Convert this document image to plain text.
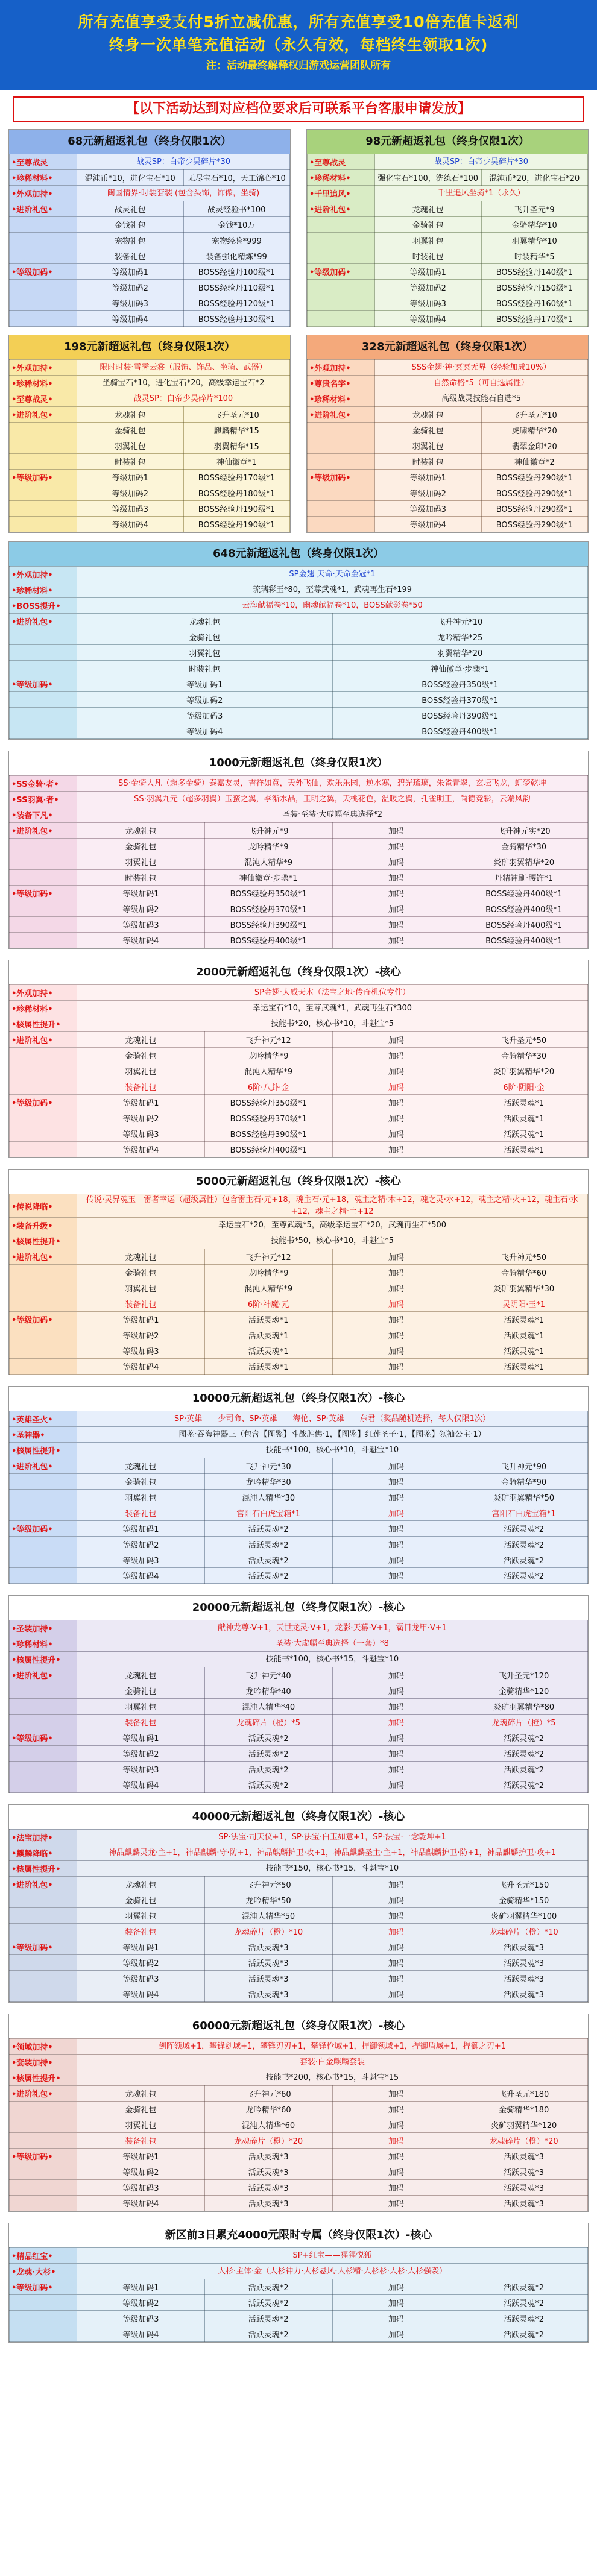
所有充值享受支付5折立减优惠，所有充值享受10倍充值卡返利
终身一次单笔充值活动（永久有效，每档终生领取1次)
注：活动最终解释权归游戏运营团队所有
【以下活动达到对应档位要求后可联系平台客服申请发放】
68元新超返礼包（终身仅限1次）
•至尊战灵	战灵SP：白帝少昊碎片*30	
•珍稀材料•	混沌币*10，进化宝石*10	无尽宝石*10，天工锦心*10
•外观加持•	闽国情界·时装套装 (包含头饰，饰像，坐骑)	
•进阶礼包•	战灵礼包	战灵经验书*100
	金钱礼包	金钱*10万
	宠物礼包	宠物经验*999
	装备礼包	装备强化精炼*99
•等级加码•	等级加码1	BOSS经验丹100级*1
	等级加码2	BOSS经验丹110级*1
	等级加码3	BOSS经验丹120级*1
	等级加码4	BOSS经验丹130级*1
98元新超返礼包（终身仅限1次）
•至尊战灵	战灵SP：白帝少昊碎片*30	
•珍稀材料•	强化宝石*100，洗练石*100	混沌币*20，进化宝石*20
•千里追风•	千里追风坐骑*1（永久）	
•进阶礼包•	龙魂礼包	飞升圣元*9
	金骑礼包	金骑精华*10
	羽翼礼包	羽翼精华*10
	时装礼包	时装精华*5
•等级加码•	等级加码1	BOSS经验丹140级*1
	等级加码2	BOSS经验丹150级*1
	等级加码3	BOSS经验丹160级*1
	等级加码4	BOSS经验丹170级*1
198元新超返礼包（终身仅限1次）
•外观加持•	限时时装·雪霁云裳（服饰、饰品、坐骑、武器）	
•珍稀材料•	坐骑宝石*10，进化宝石*20，高级幸运宝石*2	
•至尊战灵•	战灵SP：白帝少昊碎片*100	
•进阶礼包•	龙魂礼包	飞升圣元*10
	金骑礼包	麒麟精华*15
	羽翼礼包	羽翼精华*15
	时装礼包	神仙徽章*1
•等级加码•	等级加码1	BOSS经验丹170级*1
	等级加码2	BOSS经验丹180级*1
	等级加码3	BOSS经验丹190级*1
	等级加码4	BOSS经验丹190级*1
328元新超返礼包（终身仅限1次）
•外观加持•	SSS金翅·神·冥冥无界（经验加成10%）	
•尊贵名字•	自然命格*5（可自选属性）	
•珍稀材料•	高级战灵技能石自选*5	
•进阶礼包•	龙魂礼包	飞升圣元*10
	金骑礼包	虎啸精华*20
	羽翼礼包	翡翠金印*20
	时装礼包	神仙徽章*2
•等级加码•	等级加码1	BOSS经验丹290级*1
	等级加码2	BOSS经验丹290级*1
	等级加码3	BOSS经验丹290级*1
	等级加码4	BOSS经验丹290级*1
648元新超返礼包（终身仅限1次）
•外观加持•	SP金翅 天命·天命金冠*1	
•珍稀材料•	琉璃彩玉*80，至尊武魂*1，武魂再生石*199	
•BOSS提升•	云海献福卷*10，幽魂献福卷*10，BOSS献影卷*50	
•进阶礼包•	龙魂礼包	飞升神元*10
	金骑礼包	龙吟精华*25
	羽翼礼包	羽翼精华*20
	时装礼包	神仙徽章·步骤*1
•等级加码•	等级加码1	BOSS经验丹350级*1
	等级加码2	BOSS经验丹370级*1
	等级加码3	BOSS经验丹390级*1
	等级加码4	BOSS经验丹400级*1
1000元新超返礼包（终身仅限1次）
•SS金骑·者•	SS·金骑大凡（超多金骑）泰嘉友灵，吉祥如意，天外飞仙，欢乐乐园，逆水寒，碧光琉璃，朱雀青翠，玄坛飞龙，虹梦乾坤			
•SS羽翼·者•	SS·羽翼九元（超多羽翼）玉蛮之翼，李渐水晶，玉明之翼，天桃花色，温暖之翼，孔雀明王，尚德竞彩，云端风韵			
•装备下凡•	圣装·至装·大虚幅至典选择*2			
•进阶礼包•	龙魂礼包	飞升神元*9	加码	飞升神元实*20
	金骑礼包	龙吟精华*9	加码	金骑精华*30
	羽翼礼包	混沌人精华*9	加码	炎矿羽翼精华*20
	时装礼包	神仙徽章·步骤*1	加码	丹精神刷·腰饰*1
•等级加码•	等级加码1	BOSS经验丹350级*1	加码	BOSS经验丹400级*1
	等级加码2	BOSS经验丹370级*1	加码	BOSS经验丹400级*1
	等级加码3	BOSS经验丹390级*1	加码	BOSS经验丹400级*1
	等级加码4	BOSS经验丹400级*1	加码	BOSS经验丹400级*1
2000元新超返礼包（终身仅限1次）-核心
•外观加持•	SP金翅·大威天木（法宝之地·传奇机位专件）			
•珍稀材料•	幸运宝石*10，至尊武魂*1，武魂再生石*300			
•核属性提升•	技能书*20，核心书*10，斗魁宝*5			
•进阶礼包•	龙魂礼包	飞升神元*12	加码	飞升圣元*50
	金骑礼包	龙吟精华*9	加码	金骑精华*30
	羽翼礼包	混沌人精华*9	加码	炎矿羽翼精华*20
	装备礼包	6阶·八卦·金	加码	6阶·阴阳·金
•等级加码•	等级加码1	BOSS经验丹350级*1	加码	活跃灵魂*1
	等级加码2	BOSS经验丹370级*1	加码	活跃灵魂*1
	等级加码3	BOSS经验丹390级*1	加码	活跃灵魂*1
	等级加码4	BOSS经验丹400级*1	加码	活跃灵魂*1
5000元新超返礼包（终身仅限1次）-核心
•传说降临•	传说·灵界魂玉—雷者幸运（超级属性）包含雷主石·元+18，魂主石·元+18，魂主之精·木+12，魂之灵·水+12，魂主之精·火+12，魂主石·水+12，魂主之精·土+12			
•装备升级•	幸运宝石*20，至尊武魂*5，高级幸运宝石*20，武魂再生石*500			
•核属性提升•	技能书*50，核心书*10，斗魁宝*5			
•进阶礼包•	龙魂礼包	飞升神元*12	加码	飞升神元*50
	金骑礼包	龙吟精华*9	加码	金骑精华*60
	羽翼礼包	混沌人精华*9	加码	炎矿羽翼精华*30
	装备礼包	6阶·神魔·元	加码	灵阴阳·玉*1
•等级加码•	等级加码1	活跃灵魂*1	加码	活跃灵魂*1
	等级加码2	活跃灵魂*1	加码	活跃灵魂*1
	等级加码3	活跃灵魂*1	加码	活跃灵魂*1
	等级加码4	活跃灵魂*1	加码	活跃灵魂*1
10000元新超返礼包（终身仅限1次）-核心
•英雄圣火•	SP·英雄——少司命、SP·英雄——海伦、SP·英雄——东君（奖品随机选择，每人仅限1次）			
•圣神器•	图鉴·吞海神器三（包含【图鉴】斗战胜佛·1，【图鉴】红莲圣子·1，【图鉴】领袖公主·1）			
•核属性提升•	技能书*100，核心书*10，斗魁宝*10			
•进阶礼包•	龙魂礼包	飞升神元*30	加码	飞升神元*90
	金骑礼包	龙吟精华*30	加码	金骑精华*90
	羽翼礼包	混沌人精华*30	加码	炎矿羽翼精华*50
	装备礼包	宫阳石白虎宝箱*1	加码	宫阳石白虎宝箱*1
•等级加码•	等级加码1	活跃灵魂*2	加码	活跃灵魂*2
	等级加码2	活跃灵魂*2	加码	活跃灵魂*2
	等级加码3	活跃灵魂*2	加码	活跃灵魂*2
	等级加码4	活跃灵魂*2	加码	活跃灵魂*2
20000元新超返礼包（终身仅限1次）-核心
•圣装加持•	献神龙尊·V+1，天世龙灵·V+1，龙影·天幕·V+1，霸日龙甲·V+1			
•珍稀材料•	圣装·大虚幅至典选择（一套）*8			
•核属性提升•	技能书*100，核心书*15，斗魁宝*10			
•进阶礼包•	龙魂礼包	飞升神元*40	加码	飞升圣元*120
	金骑礼包	龙吟精华*40	加码	金骑精华*120
	羽翼礼包	混沌人精华*40	加码	炎矿羽翼精华*80
	装备礼包	龙魂碎片（橙）*5	加码	龙魂碎片（橙）*5
•等级加码•	等级加码1	活跃灵魂*2	加码	活跃灵魂*2
	等级加码2	活跃灵魂*2	加码	活跃灵魂*2
	等级加码3	活跃灵魂*2	加码	活跃灵魂*2
	等级加码4	活跃灵魂*2	加码	活跃灵魂*2
40000元新超返礼包（终身仅限1次）-核心
•法宝加持•	SP·法宝·司天仪+1，SP·法宝·白玉如意+1，SP·法宝·一念乾坤+1			
•麒麟降临•	神品麒麟灵龙·主+1，神品麒麟·守·防+1，神品麒麟护卫·攻+1，神品麒麟圣主·主+1，神品麒麟护卫·防+1，神品麒麟护卫·攻+1			
•核属性提升•	技能书*150，核心书*15，斗魁宝*10			
•进阶礼包•	龙魂礼包	飞升神元*50	加码	飞升圣元*150
	金骑礼包	龙吟精华*50	加码	金骑精华*150
	羽翼礼包	混沌人精华*50	加码	炎矿羽翼精华*100
	装备礼包	龙魂碎片（橙）*10	加码	龙魂碎片（橙）*10
•等级加码•	等级加码1	活跃灵魂*3	加码	活跃灵魂*3
	等级加码2	活跃灵魂*3	加码	活跃灵魂*3
	等级加码3	活跃灵魂*3	加码	活跃灵魂*3
	等级加码4	活跃灵魂*3	加码	活跃灵魂*3
60000元新超返礼包（终身仅限1次）-核心
•领域加持•	剑阵领域+1，攀锋剑域+1，攀锋刃刃+1，攀锋枪域+1，捍御领域+1，捍御盾域+1，捍御之刃+1			
•套装加持•	套装·白金麒麟套装			
•核属性提升•	技能书*200，核心书*15，斗魁宝*15			
•进阶礼包•	龙魂礼包	飞升神元*60	加码	飞升圣元*180
	金骑礼包	龙吟精华*60	加码	金骑精华*180
	羽翼礼包	混沌人精华*60	加码	炎矿羽翼精华*120
	装备礼包	龙魂碎片（橙）*20	加码	龙魂碎片（橙）*20
•等级加码•	等级加码1	活跃灵魂*3	加码	活跃灵魂*3
	等级加码2	活跃灵魂*3	加码	活跃灵魂*3
	等级加码3	活跃灵魂*3	加码	活跃灵魂*3
	等级加码4	活跃灵魂*3	加码	活跃灵魂*3
新区前3日累充4000元限时专属（终身仅限1次）-核心
•精品红宝•	SP+红宝——猩猩悦狐			
•龙魂·大杉•	大杉·主体·金（大杉神力·大杉悬风·大杉精·大杉杉·大杉·大杉强袭）			
•等级加码•	等级加码1	活跃灵魂*2	加码	活跃灵魂*2
	等级加码2	活跃灵魂*2	加码	活跃灵魂*2
	等级加码3	活跃灵魂*2	加码	活跃灵魂*2
	等级加码4	活跃灵魂*2	加码	活跃灵魂*2
